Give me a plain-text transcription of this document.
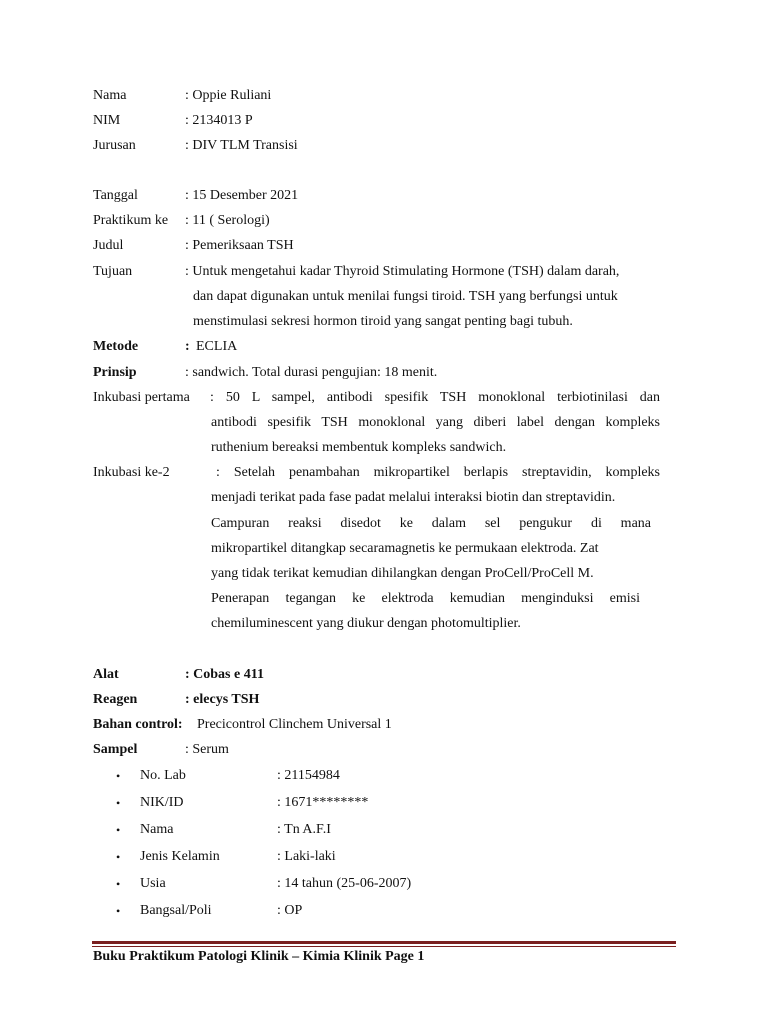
Nama	: Oppie Ruliani
NIM	: 2134013 P
Jurusan	: DIV TLM Transisi
Tanggal	: 15 Desember 2021
Praktikum ke : 11 ( Serologi)
Judul	: Pemeriksaan TSH
Tujuan	: Untuk mengetahui kadar Thyroid Stimulating Hormone (TSH) dalam darah,
dan dapat digunakan untuk menilai fungsi tiroid. TSH yang berfungsi untuk
menstimulasi sekresi hormon tiroid yang sangat penting bagi tubuh.
Metode	: ECLIA
Prinsip	: sandwich. Total durasi pengujian: 18 menit.
Inkubasi pertama : 50 L sampel, antibodi spesifik TSH monoklonal terbiotinilasi dan
antibodi spesifik TSH monoklonal yang diberi label dengan kompleks
ruthenium bereaksi membentuk kompleks sandwich.
Inkubasi ke-2	: Setelah penambahan mikropartikel berlapis streptavidin, kompleks
menjadi terikat pada fase padat melalui interaksi biotin dan streptavidin.
Campuran reaksi disedot ke dalam sel pengukur di mana
mikropartikel ditangkap secaramagnetis ke permukaan elektroda. Zat
yang tidak terikat kemudian dihilangkan dengan ProCell/ProCell M.
Penerapan tegangan ke elektroda kemudian menginduksi emisi
chemiluminescent yang diukur dengan photomultiplier.
Alat	: Cobas e 411
Reagen	: elecys TSH
Bahan control: Precicontrol Clinchem Universal 1
Sampel	: Serum
• No. Lab	: 21154984
• NIK/ID	: 1671********
• Nama	: Tn A.F.I
• Jenis Kelamin	: Laki-laki
• Usia	: 14 tahun (25-06-2007)
• Bangsal/Poli	: OP
Buku Praktikum Patologi Klinik – Kimia Klinik Page 1
